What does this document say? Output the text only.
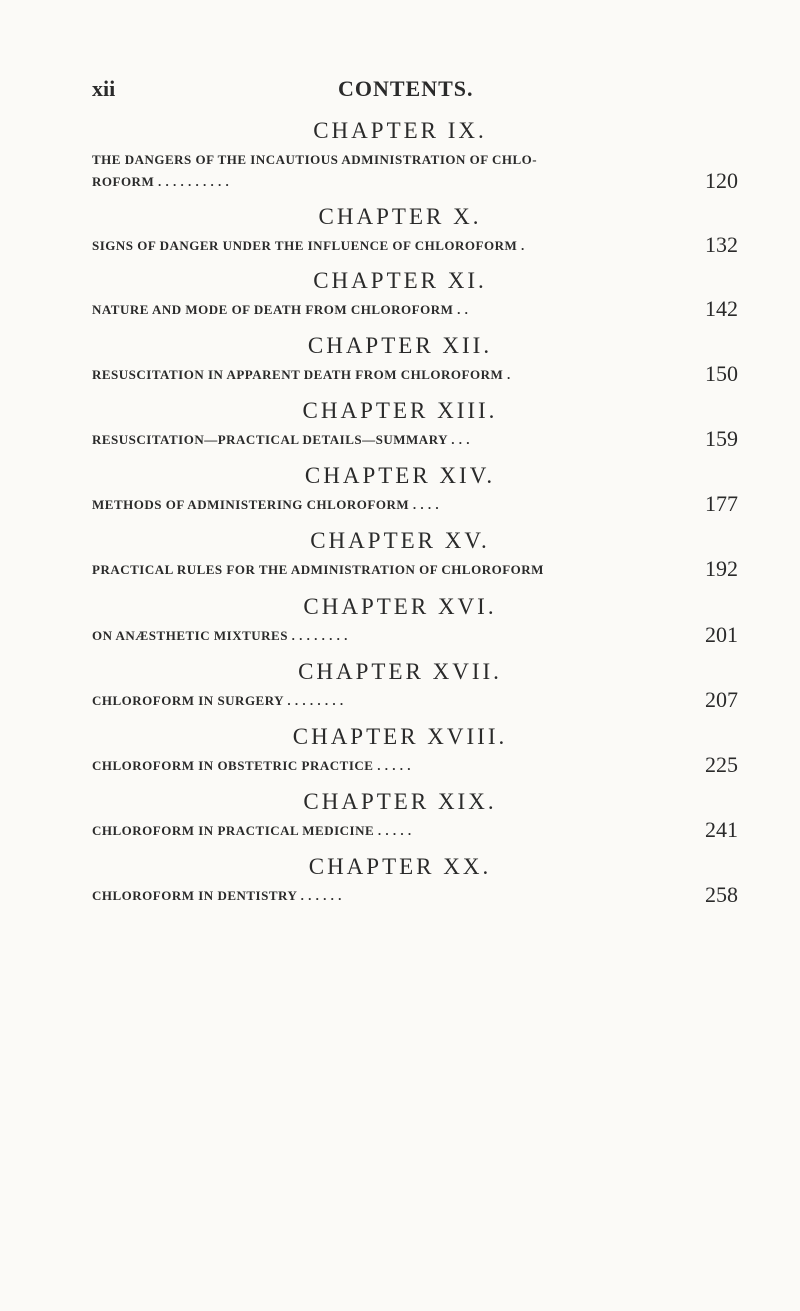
xii	CONTENTS.
CHAPTER IX.
THE DANGERS OF THE INCAUTIOUS ADMINISTRATION OF CHLO-
ROFORM . . . . . . . . . .	120
CHAPTER X.
SIGNS OF DANGER UNDER THE INFLUENCE OF CHLOROFORM .	132
CHAPTER XI.
NATURE AND MODE OF DEATH FROM CHLOROFORM . .	142
CHAPTER XII.
RESUSCITATION IN APPARENT DEATH FROM CHLOROFORM .	150
CHAPTER XIII.
RESUSCITATION—PRACTICAL DETAILS—SUMMARY . . .	159
CHAPTER XIV.
METHODS OF ADMINISTERING CHLOROFORM . . . .	177
CHAPTER XV.
PRACTICAL RULES FOR THE ADMINISTRATION OF CHLOROFORM	192
CHAPTER XVI.
ON ANÆSTHETIC MIXTURES . . . . . . . .	201
CHAPTER XVII.
CHLOROFORM IN SURGERY . . . . . . . .	207
CHAPTER XVIII.
CHLOROFORM IN OBSTETRIC PRACTICE . . . . .	225
CHAPTER XIX.
CHLOROFORM IN PRACTICAL MEDICINE . . . . .	241
CHAPTER XX.
CHLOROFORM IN DENTISTRY . . . . . .	258
